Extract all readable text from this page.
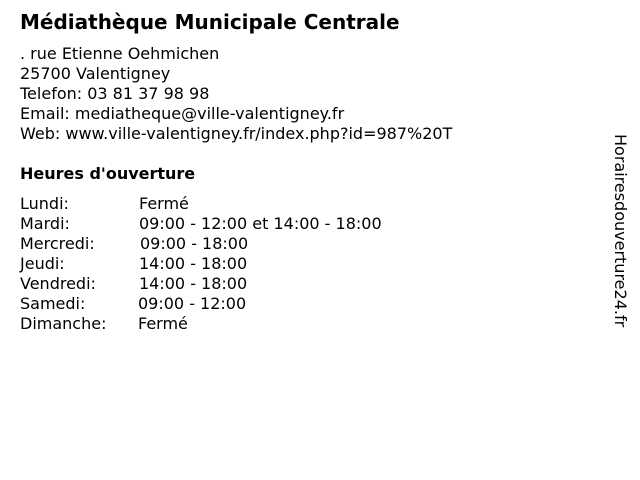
Médiathèque Municipale Centrale
. rue Etienne Oehmichen
25700 Valentigney
Telefon: 03 81 37 98 98
Email: mediatheque@ville-valentigney.fr
Web: www.ville-valentigney.fr/index.php?id=987%20T
Heures d'ouverture
Lundi:	Fermé
Mardi:	09:00 - 12:00 et 14:00 - 18:00
Mercredi:	09:00 - 18:00
Jeudi:	14:00 - 18:00
Vendredi:	14:00 - 18:00
Samedi:	09:00 - 12:00
Dimanche: Fermé	Horairesdouverture24.fr
